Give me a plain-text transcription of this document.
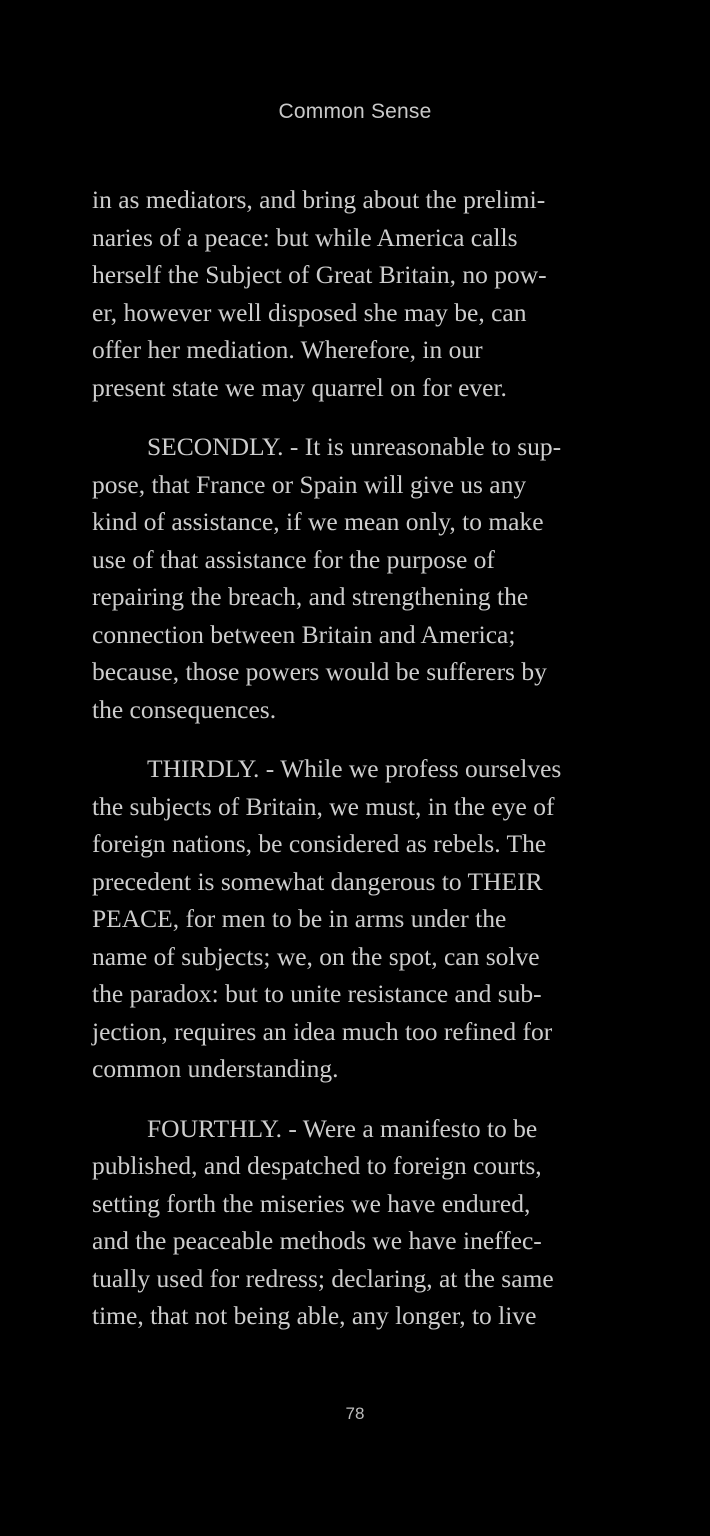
Common Sense
in as mediators, and bring about the prelimi-
naries of a peace: but while America calls
herself the Subject of Great Britain, no pow-
er, however well disposed she may be, can
offer her mediation. Wherefore, in our
present state we may quarrel on for ever.
SECONDLY. - It is unreasonable to sup-
pose, that France or Spain will give us any
kind of assistance, if we mean only, to make
use of that assistance for the purpose of
repairing the breach, and strengthening the
connection between Britain and America;
because, those powers would be sufferers by
the consequences.
THIRDLY. - While we profess ourselves
the subjects of Britain, we must, in the eye of
foreign nations, be considered as rebels. The
precedent is somewhat dangerous to THEIR
PEACE, for men to be in arms under the
name of subjects; we, on the spot, can solve
the paradox: but to unite resistance and sub-
jection, requires an idea much too refined for
common understanding.
FOURTHLY. - Were a manifesto to be
published, and despatched to foreign courts,
setting forth the miseries we have endured,
and the peaceable methods we have ineffec-
tually used for redress; declaring, at the same
time, that not being able, any longer, to live
78
